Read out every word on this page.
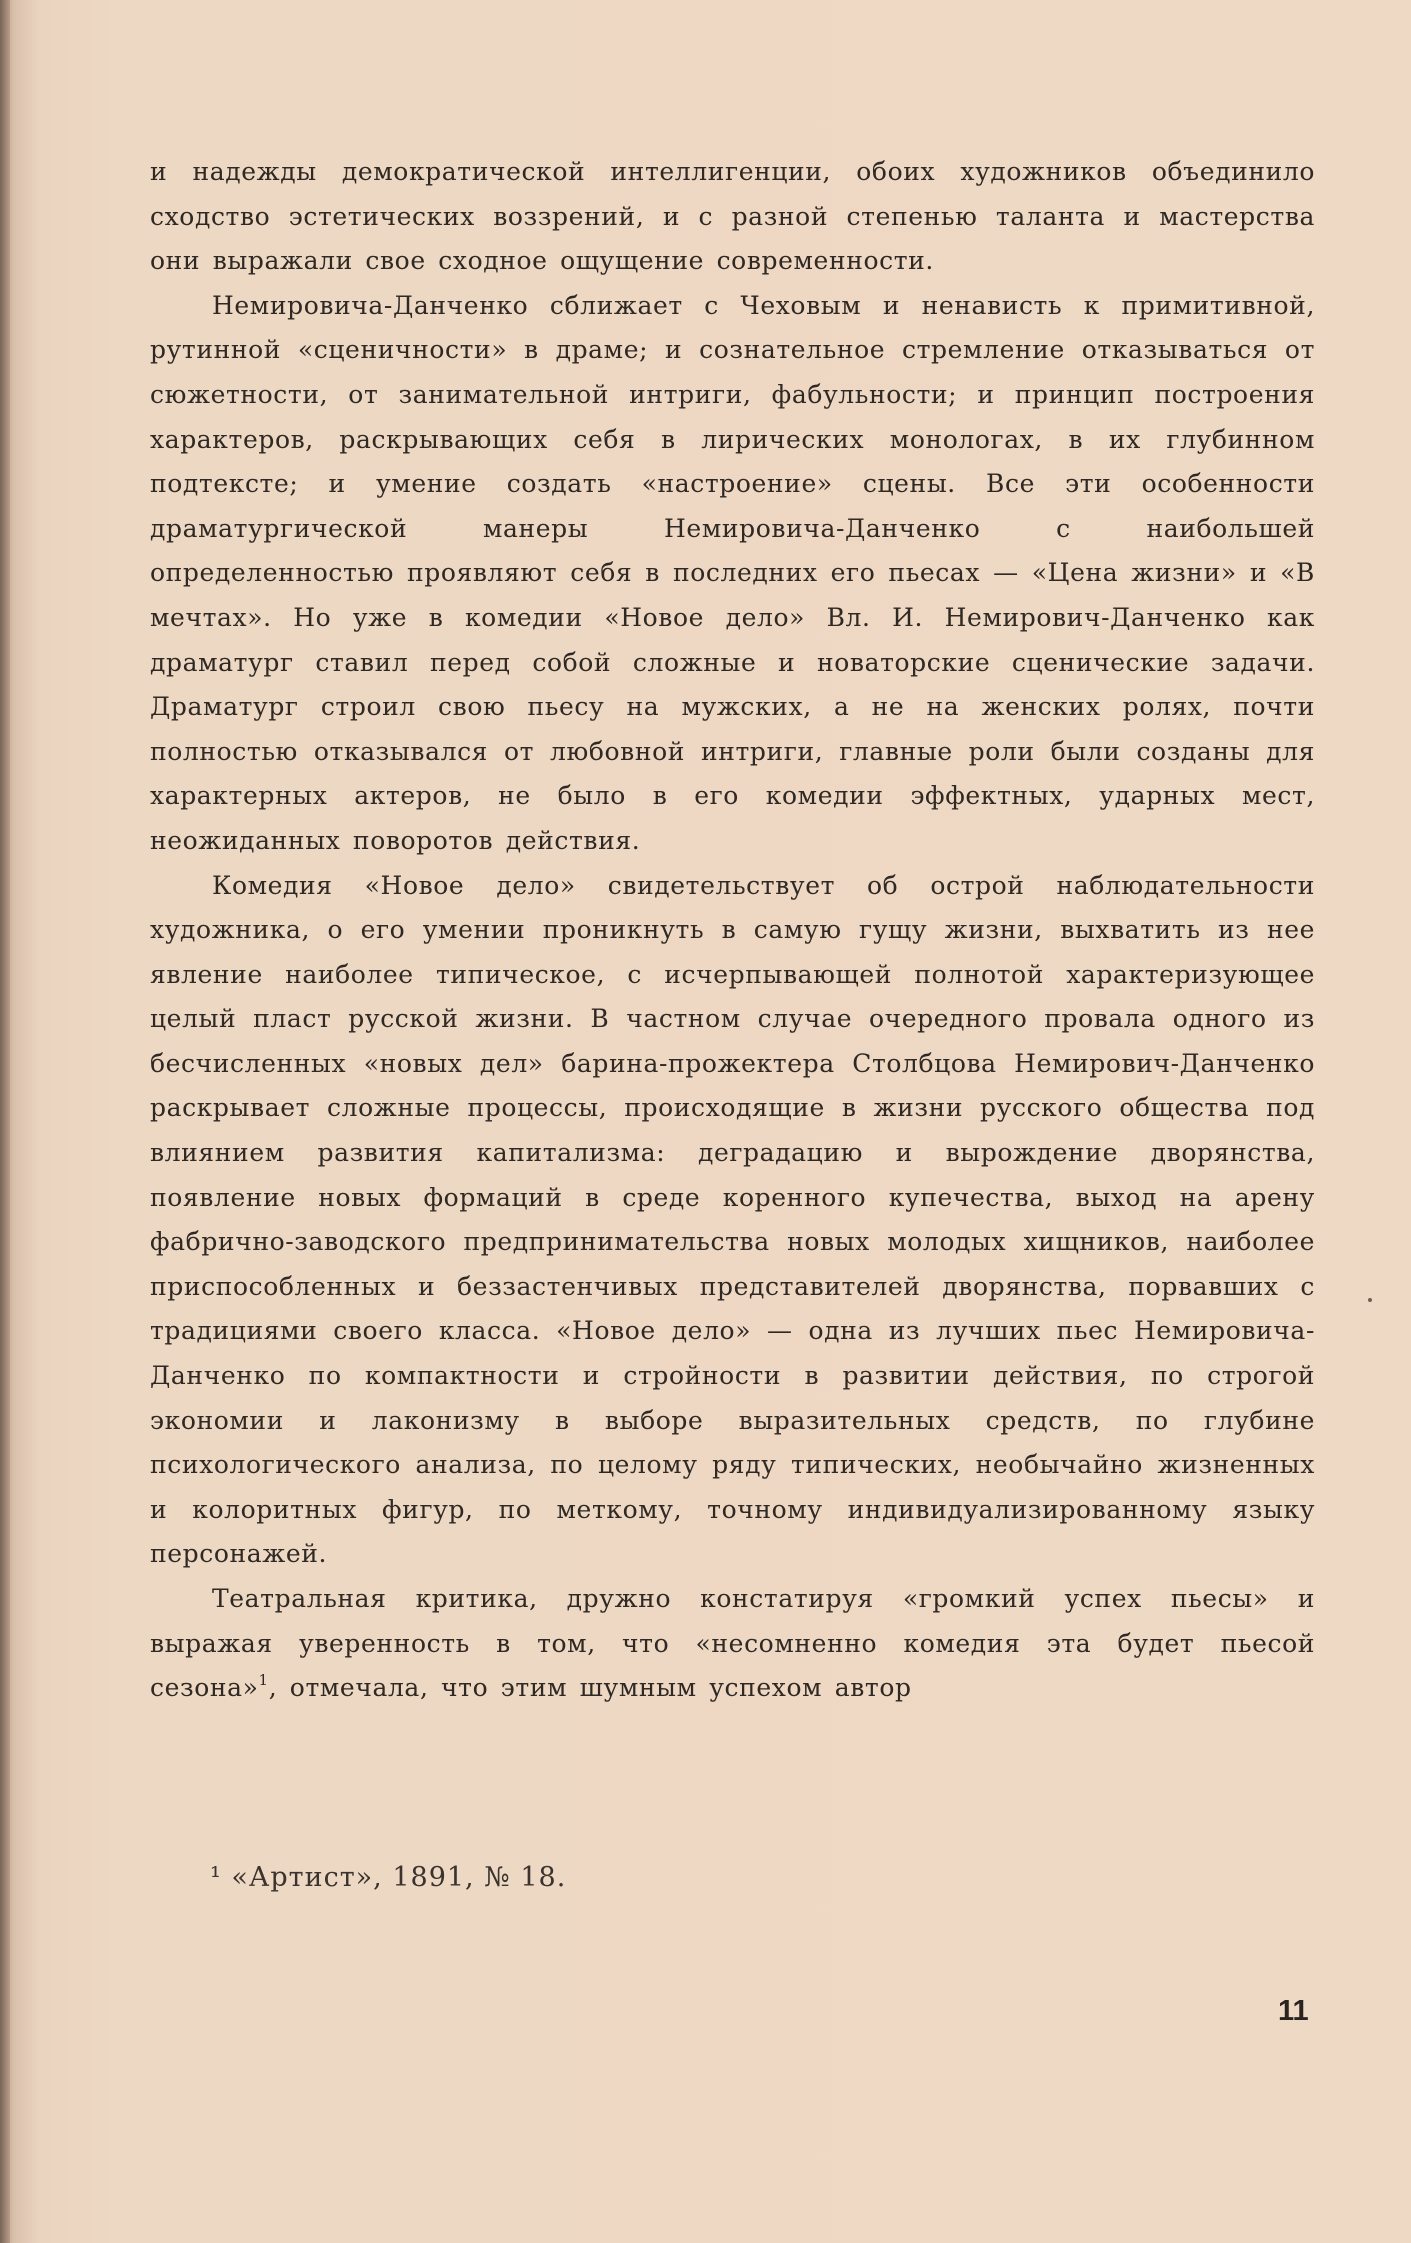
и надежды демократической интеллигенции, обоих художников объединило сходство эстетических воззрений, и с разной степенью таланта и мастерства они выражали свое сходное ощущение современности.

Немировича-Данченко сближает с Чеховым и ненависть к примитивной, рутинной «сценичности» в драме; и сознательное стремление отказываться от сюжетности, от занимательной интриги, фабульности; и принцип построения характеров, раскрывающих себя в лирических монологах, в их глубинном подтексте; и умение создать «настроение» сцены. Все эти особенности драматургической манеры Немировича-Данченко с наибольшей определенностью проявляют себя в последних его пьесах — «Цена жизни» и «В мечтах». Но уже в комедии «Новое дело» Вл. И. Немирович-Данченко как драматург ставил перед собой сложные и новаторские сценические задачи. Драматург строил свою пьесу на мужских, а не на женских ролях, почти полностью отказывался от любовной интриги, главные роли были созданы для характерных актеров, не было в его комедии эффектных, ударных мест, неожиданных поворотов действия.

Комедия «Новое дело» свидетельствует об острой наблюдательности художника, о его умении проникнуть в самую гущу жизни, выхватить из нее явление наиболее типическое, с исчерпывающей полнотой характеризующее целый пласт русской жизни. В частном случае очередного провала одного из бесчисленных «новых дел» барина-прожектера Столбцова Немирович-Данченко раскрывает сложные процессы, происходящие в жизни русского общества под влиянием развития капитализма: деградацию и вырождение дворянства, появление новых формаций в среде коренного купечества, выход на арену фабрично-заводского предпринимательства новых молодых хищников, наиболее приспособленных и беззастенчивых представителей дворянства, порвавших с традициями своего класса. «Новое дело» — одна из лучших пьес Немировича-Данченко по компактности и стройности в развитии действия, по строгой экономии и лаконизму в выборе выразительных средств, по глубине психологического анализа, по целому ряду типических, необычайно жизненных и колоритных фигур, по меткому, точному индивидуализированному языку персонажей.

Театральная критика, дружно констатируя «громкий успех пьесы» и выражая уверенность в том, что «несомненно комедия эта будет пьесой сезона»$^1$, отмечала, что этим шумным успехом автор

¹ «Артист», 1891, № 18.
11
